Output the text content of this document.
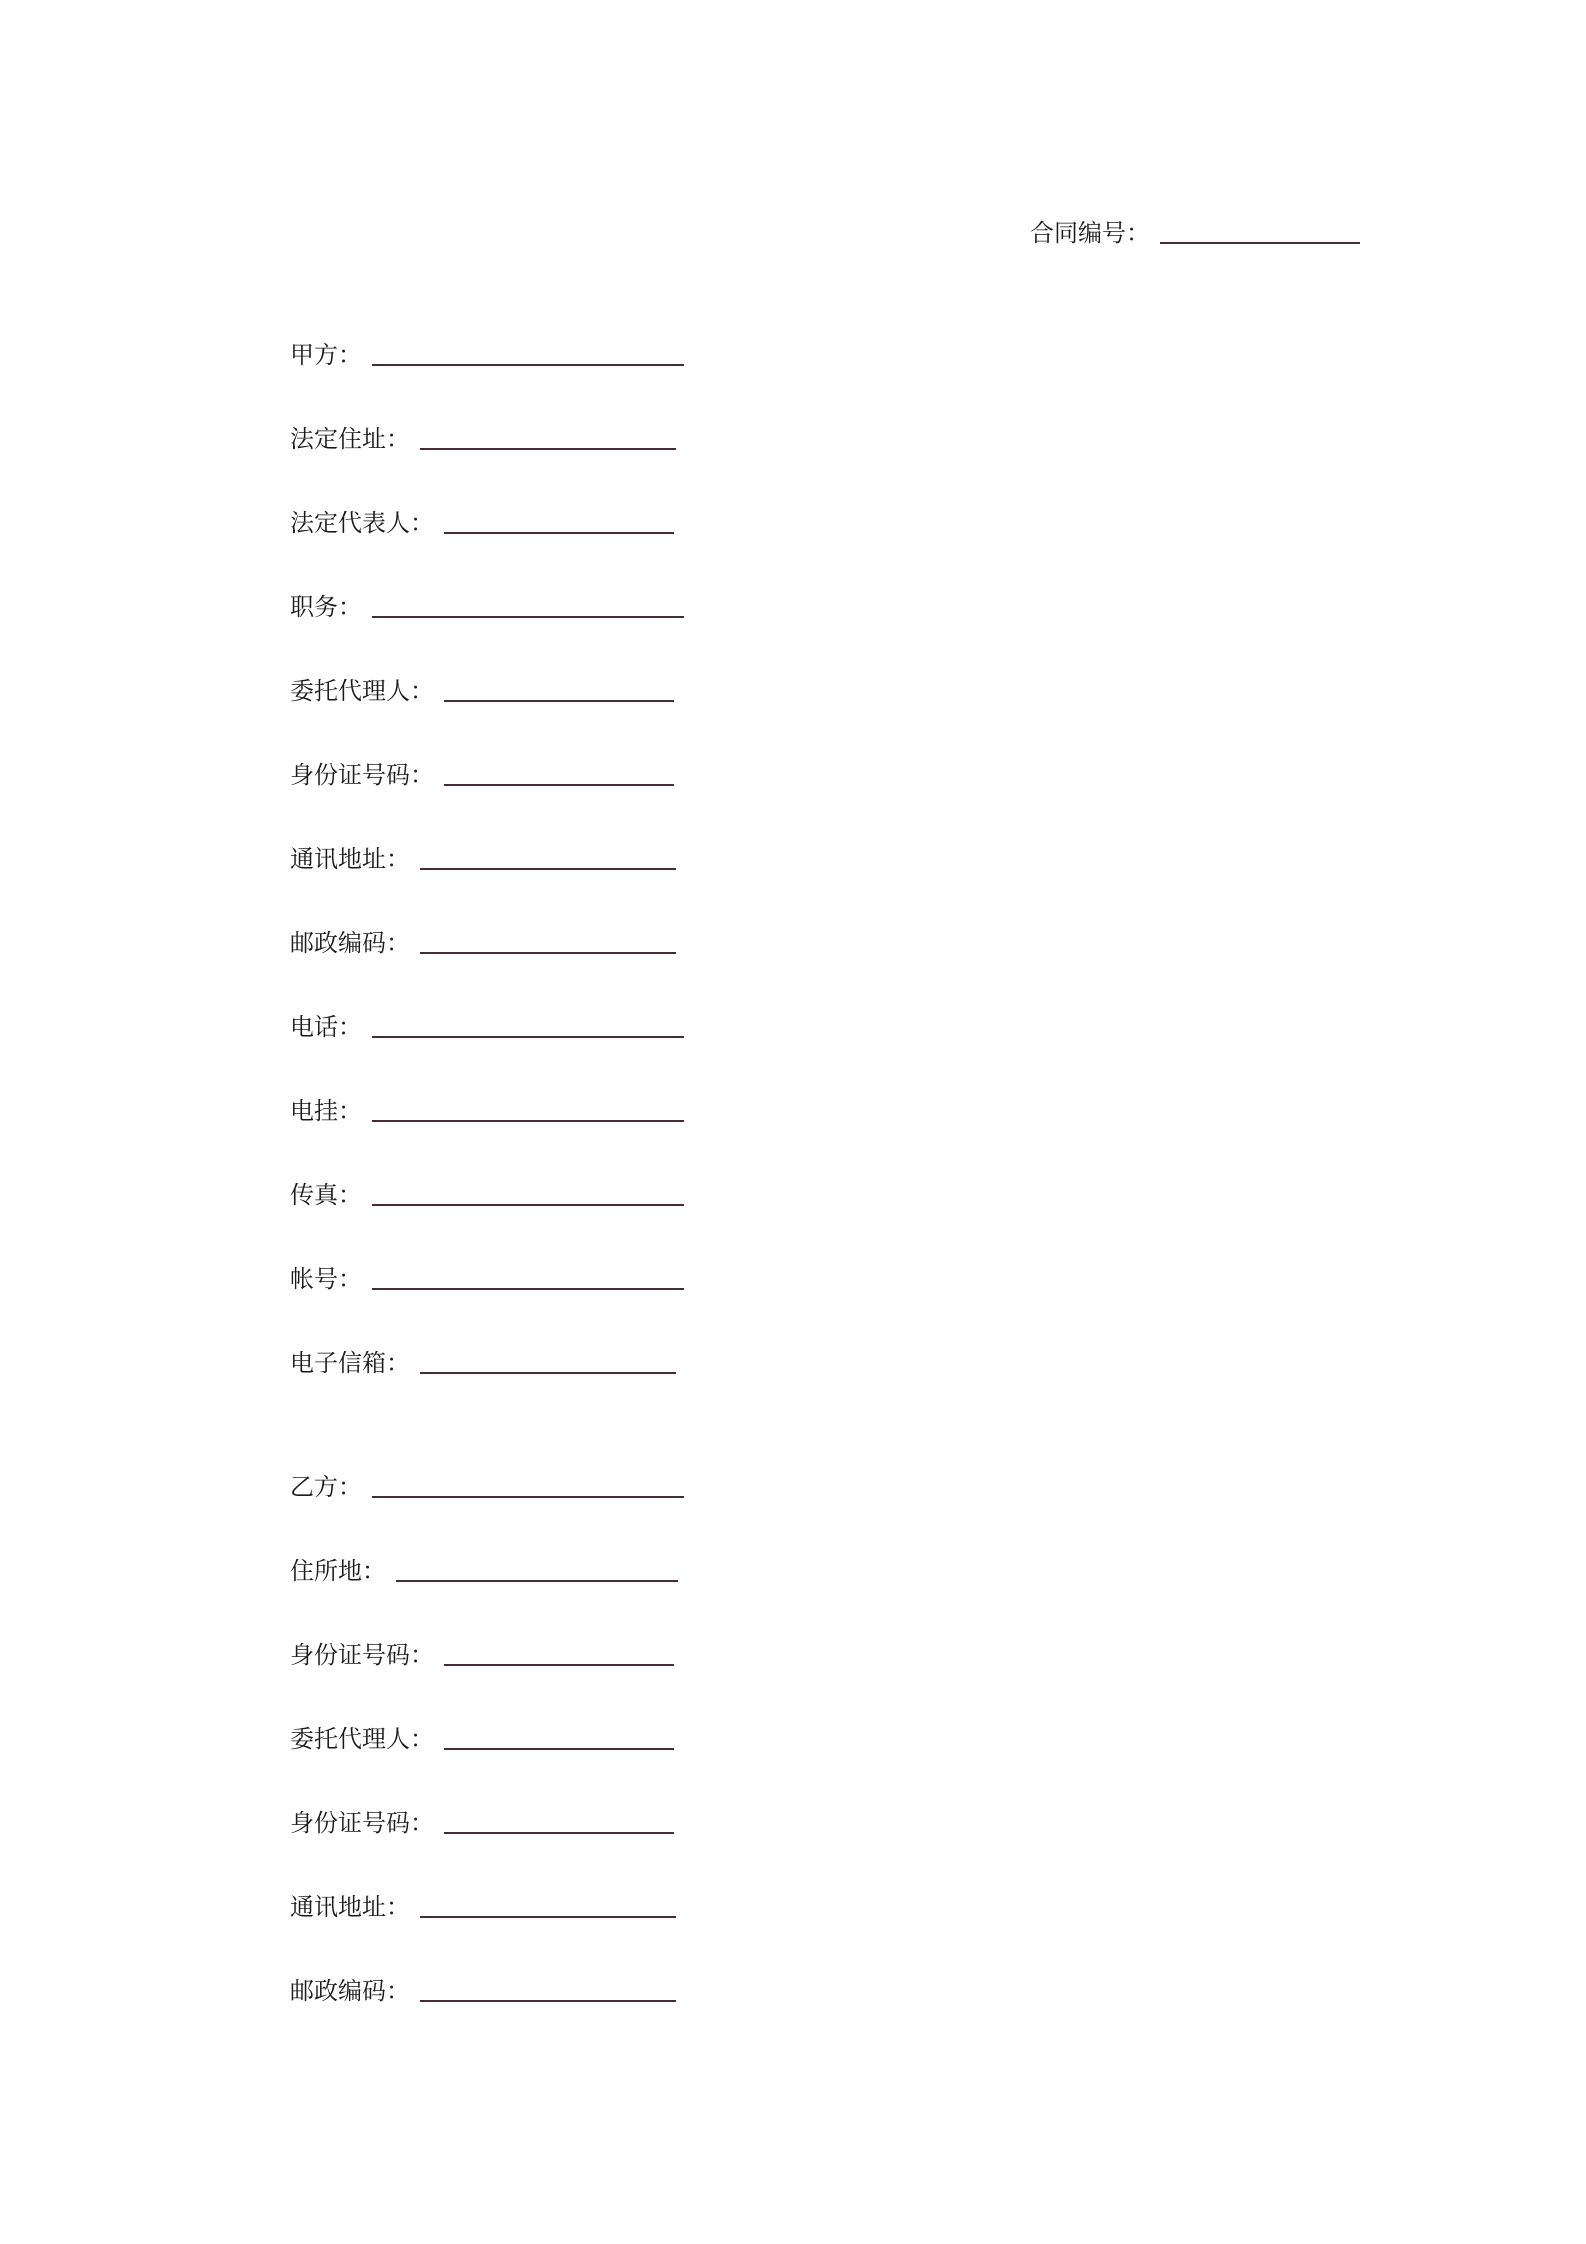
合同编号：
甲方：
法定住址：
法定代表人：
职务：
委托代理人：
身份证号码：
通讯地址：
邮政编码：
电话：
电挂：
传真：
帐号：
电子信箱：
乙方：
住所地：
身份证号码：
委托代理人：
身份证号码：
通讯地址：
邮政编码：
